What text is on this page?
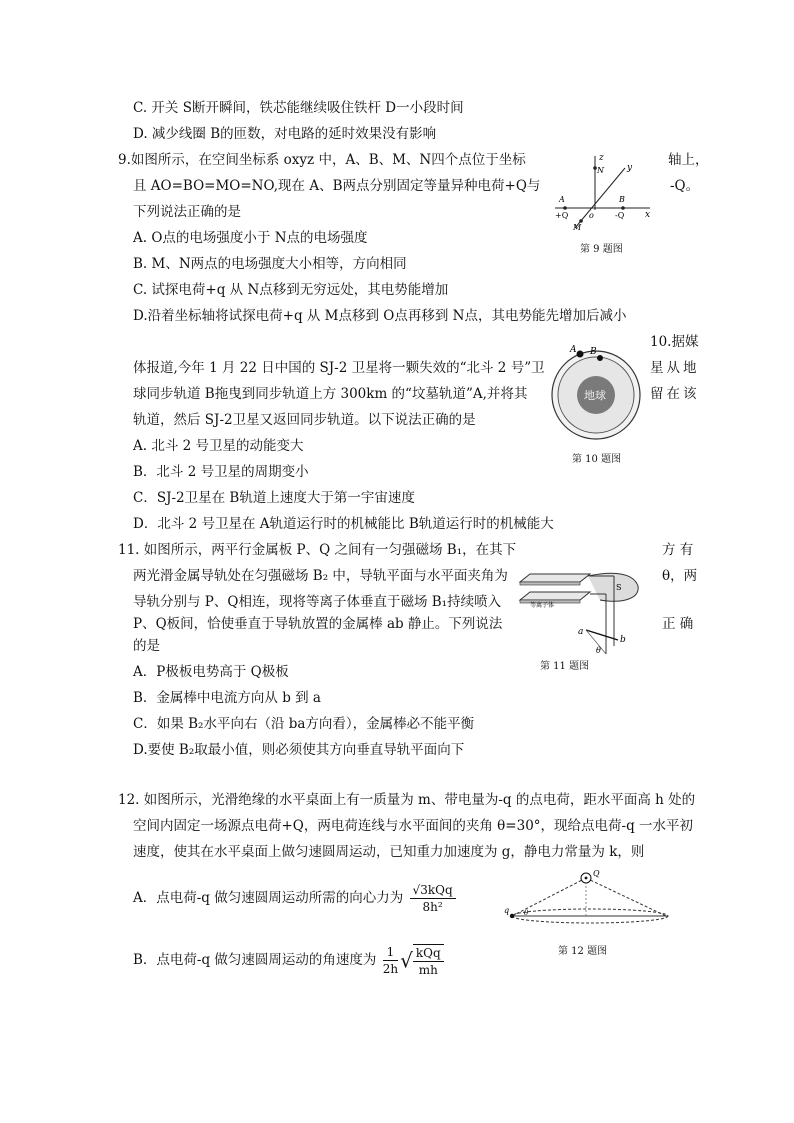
C. 开关 S断开瞬间，铁芯能继续吸住铁杆 D一小段时间
D. 减少线圈 B的匝数，对电路的延时效果没有影响
9.如图所示，在空间坐标系 oxyz 中，A、B、M、N四个点位于坐标	轴上，
且 AO=BO=MO=NO,现在 A、B两点分别固定等量异种电荷+Q与	-Q。
下列说法正确的是
A. O点的电场强度小于 N点的电场强度
B. M、N两点的电场强度大小相等，方向相同
C. 试探电荷+q 从 N点移到无穷远处，其电势能增加
D.沿着坐标轴将试探电荷+q 从 M点移到 O点再移到 N点，其电势能先增加后减小
z
y
x
N
M
A	B
o
+Q	-Q
第 9 题图
10.据媒
体报道,今年 1 月 22 日中国的 SJ-2 卫星将一颗失效的“北斗 2 号”卫	星从地
球同步轨道 B拖曳到同步轨道上方 300km 的“坟墓轨道”A,并将其	留在该
轨道，然后 SJ-2卫星又返回同步轨道。以下说法正确的是
A. 北斗 2 号卫星的动能变大
B．北斗 2 号卫星的周期变小
C．SJ-2卫星在 B轨道上速度大于第一宇宙速度
D．北斗 2 号卫星在 A轨道运行时的机械能比 B轨道运行时的机械能大
地球
A B
第 10 题图
11. 如图所示，两平行金属板 P、Q 之间有一匀强磁场 B₁，在其下	方 有
两光滑金属导轨处在匀强磁场 B₂ 中，导轨平面与水平面夹角为	θ，两
导轨分别与 P、Q相连，现将等离子体垂直于磁场 B₁持续喷入
P、Q板间，恰使垂直于导轨放置的金属棒 ab 静止。下列说法	正 确
的是
A．P极板电势高于 Q极板
B．金属棒中电流方向从 b 到 a
C．如果 B₂水平向右（沿 ba方向看），金属棒必不能平衡
D.要使 B₂取最小值，则必须使其方向垂直导轨平面向下
等离子体
S
a
b
θ
第 11 题图
12. 如图所示，光滑绝缘的水平桌面上有一质量为 m、带电量为-q 的点电荷，距水平面高 h 处的
空间内固定一场源点电荷+Q，两电荷连线与水平面间的夹角 θ=30°，现给点电荷-q 一水平初
速度，使其在水平桌面上做匀速圆周运动，已知重力加速度为 g，静电力常量为 k，则
A．点电荷-q 做匀速圆周运动所需的向心力为 $\frac{\text{√3kQq}}{\text{8h²}}$
B．点电荷-q 做匀速圆周运动的角速度为 $\frac{1}{2h}$ √ $\frac{\text{kQq}}{mh}$
Q
q θ
第 12 题图
